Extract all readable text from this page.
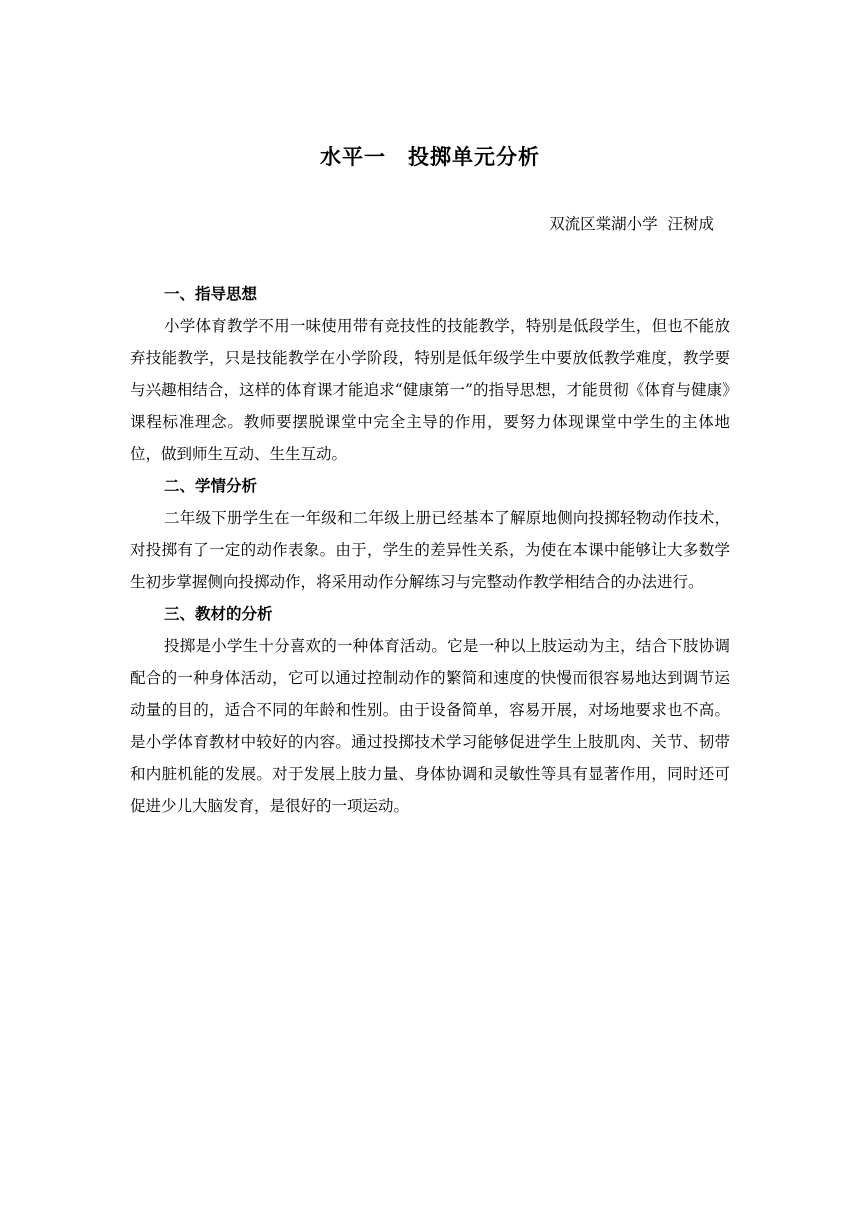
水平一　投掷单元分析
双流区棠湖小学  汪树成

一、指导思想

小学体育教学不用一味使用带有竞技性的技能教学，特别是低段学生，但也不能放弃技能教学，只是技能教学在小学阶段，特别是低年级学生中要放低教学难度，教学要与兴趣相结合，这样的体育课才能追求“健康第一”的指导思想，才能贯彻《体育与健康》课程标准理念。教师要摆脱课堂中完全主导的作用，要努力体现课堂中学生的主体地位，做到师生互动、生生互动。

二、学情分析

二年级下册学生在一年级和二年级上册已经基本了解原地侧向投掷轻物动作技术，对投掷有了一定的动作表象。由于，学生的差异性关系，为使在本课中能够让大多数学生初步掌握侧向投掷动作，将采用动作分解练习与完整动作教学相结合的办法进行。

三、教材的分析

投掷是小学生十分喜欢的一种体育活动。它是一种以上肢运动为主，结合下肢协调配合的一种身体活动，它可以通过控制动作的繁简和速度的快慢而很容易地达到调节运动量的目的，适合不同的年龄和性别。由于设备简单，容易开展，对场地要求也不高。是小学体育教材中较好的内容。通过投掷技术学习能够促进学生上肢肌肉、关节、韧带和内脏机能的发展。对于发展上肢力量、身体协调和灵敏性等具有显著作用，同时还可促进少儿大脑发育，是很好的一项运动。
